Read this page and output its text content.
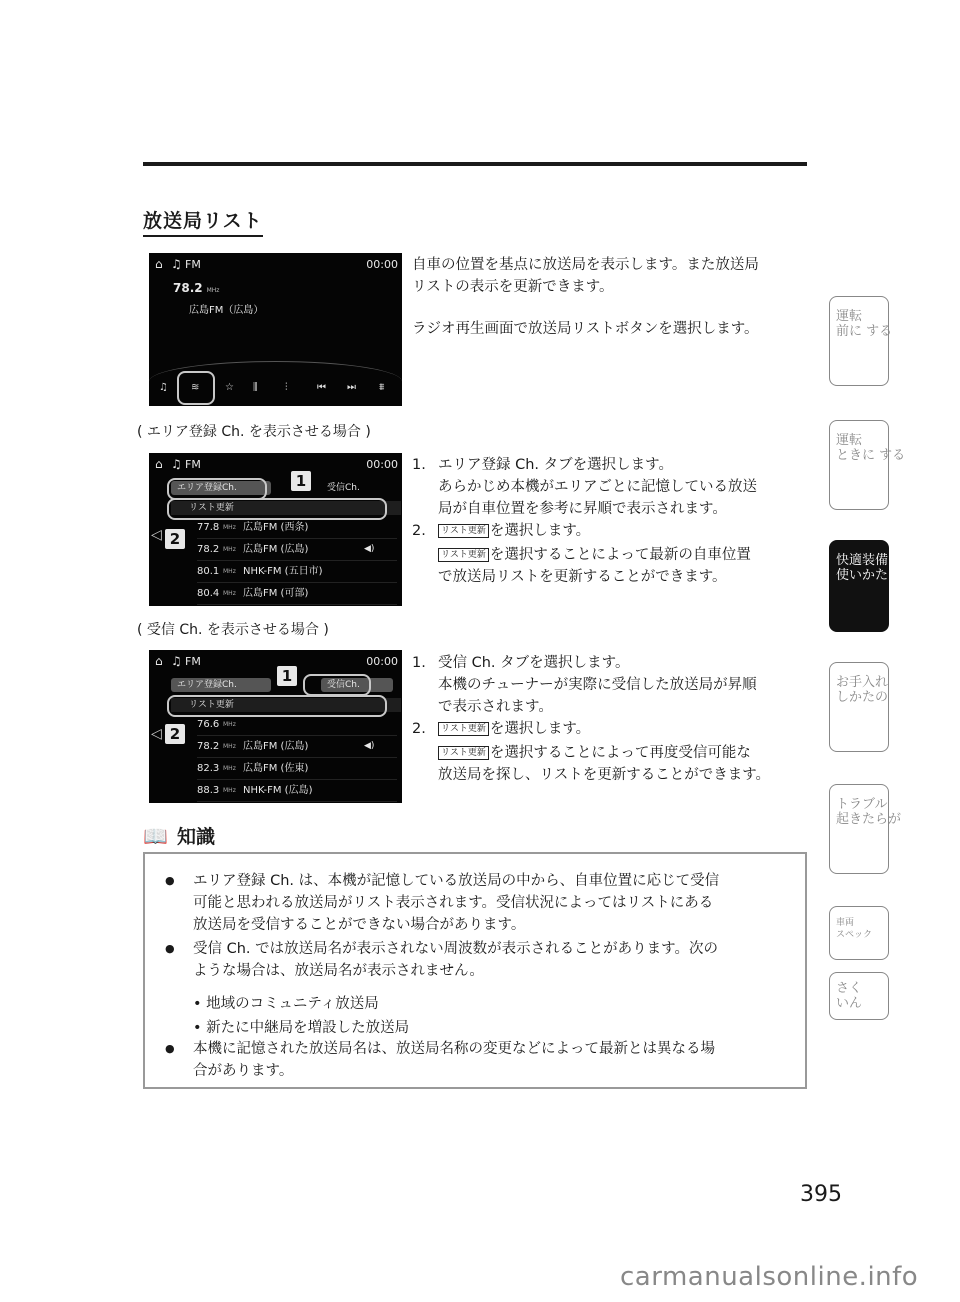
放送局リスト
自車の位置を基点に放送局を表示します。また放送局
リストの表示を更新できます。
ラジオ再生画面で放送局リストボタンを選択します。
⌂ ♫ FM	00:00
78.2 MHz
広島FM（広島）
♫ ≋	☆ ⫼	⫶	⏮ ⏭ ⩩
( エリア登録 Ch. を表示させる場合 )
⌂ ♫ FM	00:00
エリア登録Ch.	受信Ch.
リスト更新
77.8 MHz 広島FM (西条)
78.2 MHz 広島FM (広島)	◀)
80.1 MHz NHK-FM (五日市)
80.4 MHz 広島FM (可部)
◁
1
2
1. エリア登録 Ch. タブを選択します。
あらかじめ本機がエリアごとに記憶している放送
局が自車位置を参考に昇順で表示されます。
2.	リスト更新 を選択します。
リスト更新 を選択することによって最新の自車位置
で放送局リストを更新することができます。
( 受信 Ch. を表示させる場合 )
⌂ ♫ FM	00:00
エリア登録Ch.	受信Ch.
リスト更新
76.6 MHz
78.2 MHz 広島FM (広島)	◀)
82.3 MHz 広島FM (佐東)
88.3 MHz NHK-FM (広島)
◁
1
2
1. 受信 Ch. タブを選択します。
本機のチューナーが実際に受信した放送局が昇順
で表示されます。
2.	リスト更新 を選択します。
リスト更新 を選択することによって再度受信可能な
放送局を探し、リストを更新することができます。
📖 知識
● エリア登録 Ch. は、本機が記憶している放送局の中から、自車位置に応じて受信
可能と思われる放送局がリスト表示されます。受信状況によってはリストにある
放送局を受信することができない場合があります。
● 受信 Ch. では放送局名が表示されない周波数が表示されることがあります。次の
ような場合は、放送局名が表示されません。
• 地域のコミュニティ放送局
• 新たに中継局を増設した放送局
● 本機に記憶された放送局名は、放送局名称の変更などによって最新とは異なる場
合があります。
運転
前に する
運転
ときに する
快適装備の
使いかた
お手入れ
しかたの
トラブル
起きたらが
車両
スペック
さく
いん
395
carmanualsonline.info
